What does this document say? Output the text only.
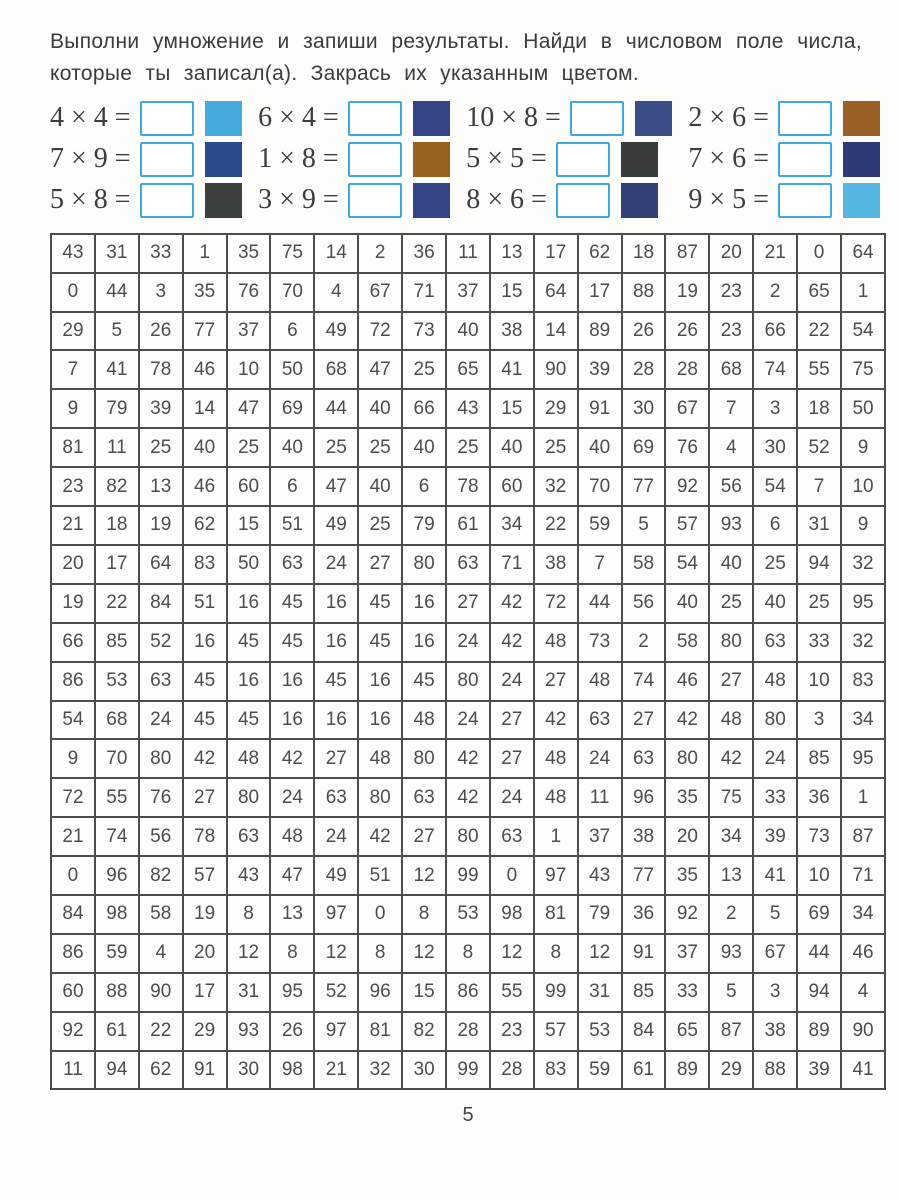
Выполни умножение и запиши результаты. Найди в числовом поле числа, которые ты записал(а). Закрась их указанным цветом.

4 × 4 =
7 × 9 =
5 × 8 =
6 × 4 =
1 × 8 =
3 × 9 =
10 × 8 =
5 × 5 =
8 × 6 =
2 × 6 =
7 × 6 =
9 × 5 =
43	31	33	1	35	75	14	2	36	11	13	17	62	18	87	20	21	0	64
0	44	3	35	76	70	4	67	71	37	15	64	17	88	19	23	2	65	1
29	5	26	77	37	6	49	72	73	40	38	14	89	26	26	23	66	22	54
7	41	78	46	10	50	68	47	25	65	41	90	39	28	28	68	74	55	75
9	79	39	14	47	69	44	40	66	43	15	29	91	30	67	7	3	18	50
81	11	25	40	25	40	25	25	40	25	40	25	40	69	76	4	30	52	9
23	82	13	46	60	6	47	40	6	78	60	32	70	77	92	56	54	7	10
21	18	19	62	15	51	49	25	79	61	34	22	59	5	57	93	6	31	9
20	17	64	83	50	63	24	27	80	63	71	38	7	58	54	40	25	94	32
19	22	84	51	16	45	16	45	16	27	42	72	44	56	40	25	40	25	95
66	85	52	16	45	45	16	45	16	24	42	48	73	2	58	80	63	33	32
86	53	63	45	16	16	45	16	45	80	24	27	48	74	46	27	48	10	83
54	68	24	45	45	16	16	16	48	24	27	42	63	27	42	48	80	3	34
9	70	80	42	48	42	27	48	80	42	27	48	24	63	80	42	24	85	95
72	55	76	27	80	24	63	80	63	42	24	48	11	96	35	75	33	36	1
21	74	56	78	63	48	24	42	27	80	63	1	37	38	20	34	39	73	87
0	96	82	57	43	47	49	51	12	99	0	97	43	77	35	13	41	10	71
84	98	58	19	8	13	97	0	8	53	98	81	79	36	92	2	5	69	34
86	59	4	20	12	8	12	8	12	8	12	8	12	91	37	93	67	44	46
60	88	90	17	31	95	52	96	15	86	55	99	31	85	33	5	3	94	4
92	61	22	29	93	26	97	81	82	28	23	57	53	84	65	87	38	89	90
11	94	62	91	30	98	21	32	30	99	28	83	59	61	89	29	88	39	41
5
